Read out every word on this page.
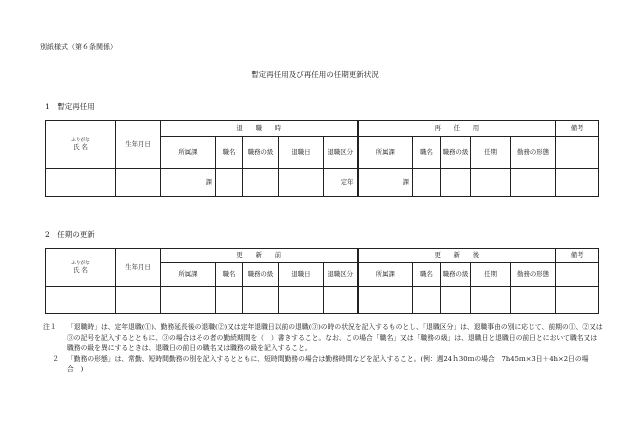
別紙様式（第６条関係）
暫定再任用及び再任用の任期更新状況
1　暫定再任用
ふりがな
氏 名	生年月日	退　　職　　時					再　　任　　用					備考
		所属課	職名	職務の級	退職日	退職区分	所属課	職名	職務の級	任期	勤務の形態	
		課				定年	課					
2　任期の更新
ふりがな
氏 名	生年月日	更　　新　　前					更　　新　　後					備考
		所属課	職名	職務の級	退職日	退職区分	所属課	職名	職務の級	任期	勤務の形態	

注１	「退職時」は、定年退職(①)、勤務延長後の退職(②)又は定年退職日以前の退職(③)の時の状況を記入するものとし、「退職区分」は、退職事由の別に応じて、前期の①、②又は③の記号を記入するとともに、③の場合はその者の勤続期間を（　）書きすること。なお、この場合「職名」又は「職務の級」は、退職日と退職日の前日とにおいて職名又は職務の級を異にするときは、退職日の前日の職名又は職務の級を記入すること。
２	「勤務の形態」は、常勤、短時間勤務の別を記入するとともに、短時間勤務の場合は勤務時間などを記入すること。(例：週24ｈ30ｍの場合　7h45ｍ×3日＋4h×2日の場合　)
